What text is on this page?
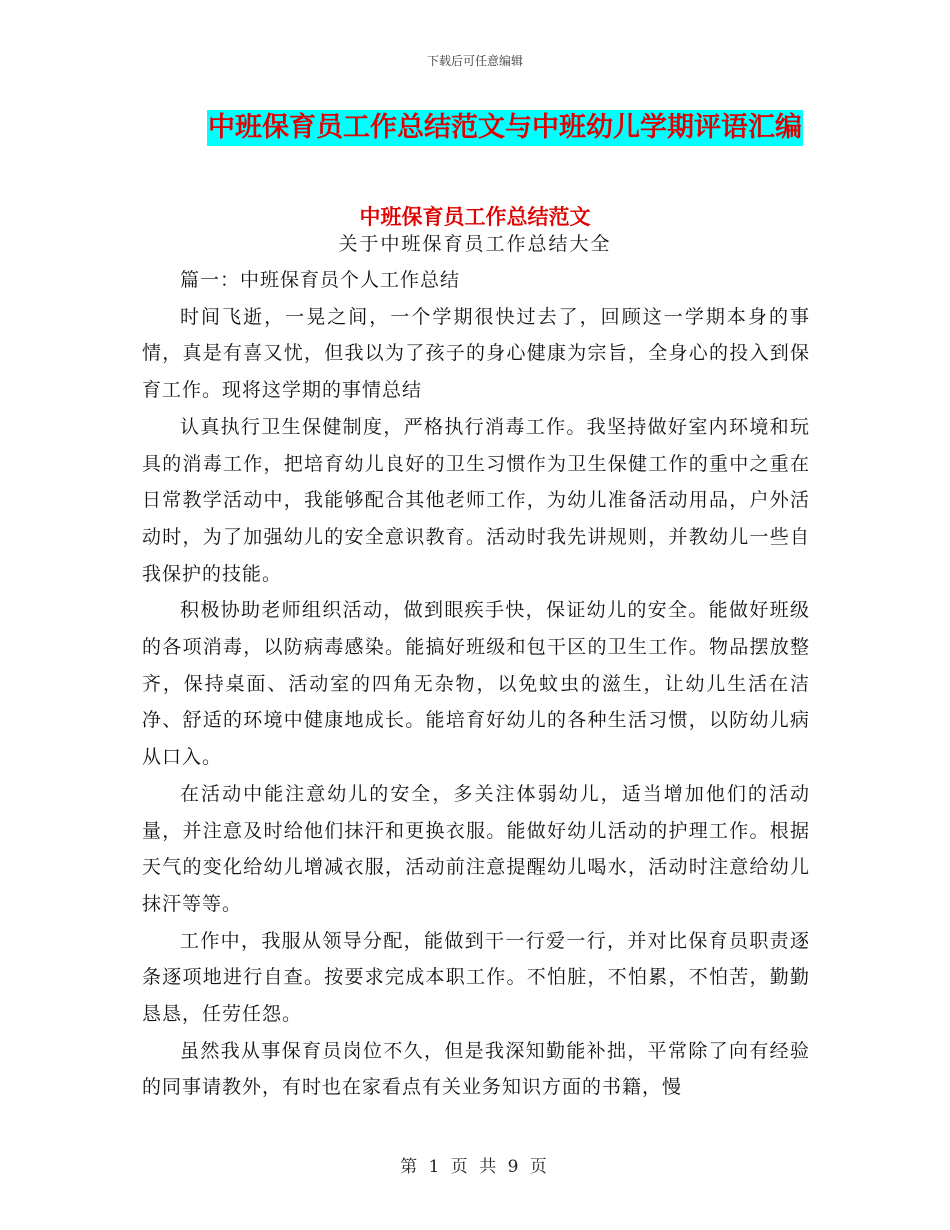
下载后可任意编辑
中班保育员工作总结范文与中班幼儿学期评语汇编
中班保育员工作总结范文
关于中班保育员工作总结大全

篇一：中班保育员个人工作总结

时间飞逝，一晃之间，一个学期很快过去了，回顾这一学期本身的事情，真是有喜又忧，但我以为了孩子的身心健康为宗旨，全身心的投入到保育工作。现将这学期的事情总结

认真执行卫生保健制度，严格执行消毒工作。我坚持做好室内环境和玩具的消毒工作，把培育幼儿良好的卫生习惯作为卫生保健工作的重中之重在日常教学活动中，我能够配合其他老师工作，为幼儿准备活动用品，户外活动时，为了加强幼儿的安全意识教育。活动时我先讲规则，并教幼儿一些自我保护的技能。

积极协助老师组织活动，做到眼疾手快，保证幼儿的安全。能做好班级的各项消毒，以防病毒感染。能搞好班级和包干区的卫生工作。物品摆放整齐，保持桌面、活动室的四角无杂物，以免蚊虫的滋生，让幼儿生活在洁净、舒适的环境中健康地成长。能培育好幼儿的各种生活习惯，以防幼儿病从口入。

在活动中能注意幼儿的安全，多关注体弱幼儿，适当增加他们的活动量，并注意及时给他们抹汗和更换衣服。能做好幼儿活动的护理工作。根据天气的变化给幼儿增减衣服，活动前注意提醒幼儿喝水，活动时注意给幼儿抹汗等等。

工作中，我服从领导分配，能做到干一行爱一行，并对比保育员职责逐条逐项地进行自查。按要求完成本职工作。不怕脏，不怕累，不怕苦，勤勤恳恳，任劳任怨。

虽然我从事保育员岗位不久，但是我深知勤能补拙，平常除了向有经验的同事请教外，有时也在家看点有关业务知识方面的书籍，慢

第 1 页 共 9 页
